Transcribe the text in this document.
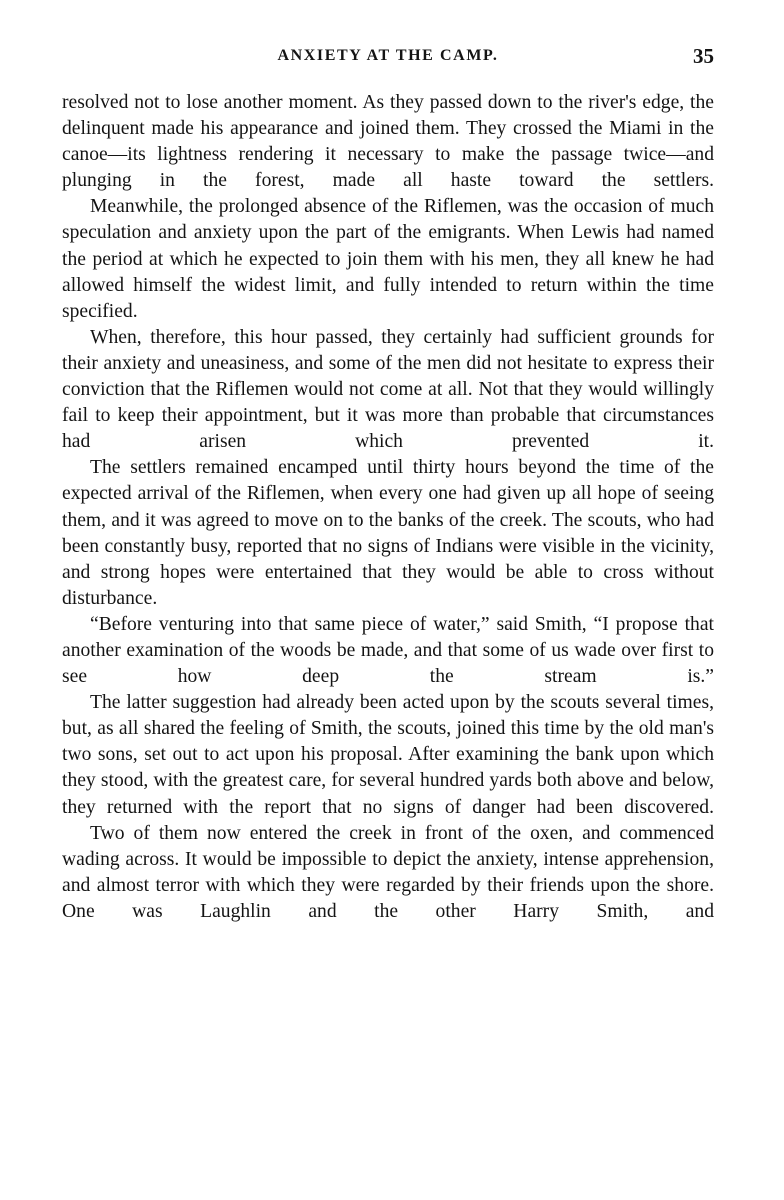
ANXIETY AT THE CAMP.	35

resolved not to lose another moment. As they passed down to the river's edge, the delinquent made his appearance and joined them. They crossed the Miami in the canoe—its lightness rendering it necessary to make the passage twice—and plunging in the forest, made all haste toward the settlers.

Meanwhile, the prolonged absence of the Riflemen, was the occasion of much speculation and anxiety upon the part of the emigrants. When Lewis had named the period at which he expected to join them with his men, they all knew he had allowed himself the widest limit, and fully intended to return within the time specified.

When, therefore, this hour passed, they certainly had sufficient grounds for their anxiety and uneasiness, and some of the men did not hesitate to express their conviction that the Riflemen would not come at all. Not that they would willingly fail to keep their appointment, but it was more than probable that circumstances had arisen which prevented it.

The settlers remained encamped until thirty hours beyond the time of the expected arrival of the Riflemen, when every one had given up all hope of seeing them, and it was agreed to move on to the banks of the creek. The scouts, who had been constantly busy, reported that no signs of Indians were visible in the vicinity, and strong hopes were entertained that they would be able to cross without disturbance.

“Before venturing into that same piece of water,” said Smith, “I propose that another examination of the woods be made, and that some of us wade over first to see how deep the stream is.”

The latter suggestion had already been acted upon by the scouts several times, but, as all shared the feeling of Smith, the scouts, joined this time by the old man's two sons, set out to act upon his proposal. After examining the bank upon which they stood, with the greatest care, for several hundred yards both above and below, they returned with the report that no signs of danger had been discovered.

Two of them now entered the creek in front of the oxen, and commenced wading across. It would be impossible to depict the anxiety, intense apprehension, and almost terror with which they were regarded by their friends upon the shore. One was Laughlin and the other Harry Smith, and
